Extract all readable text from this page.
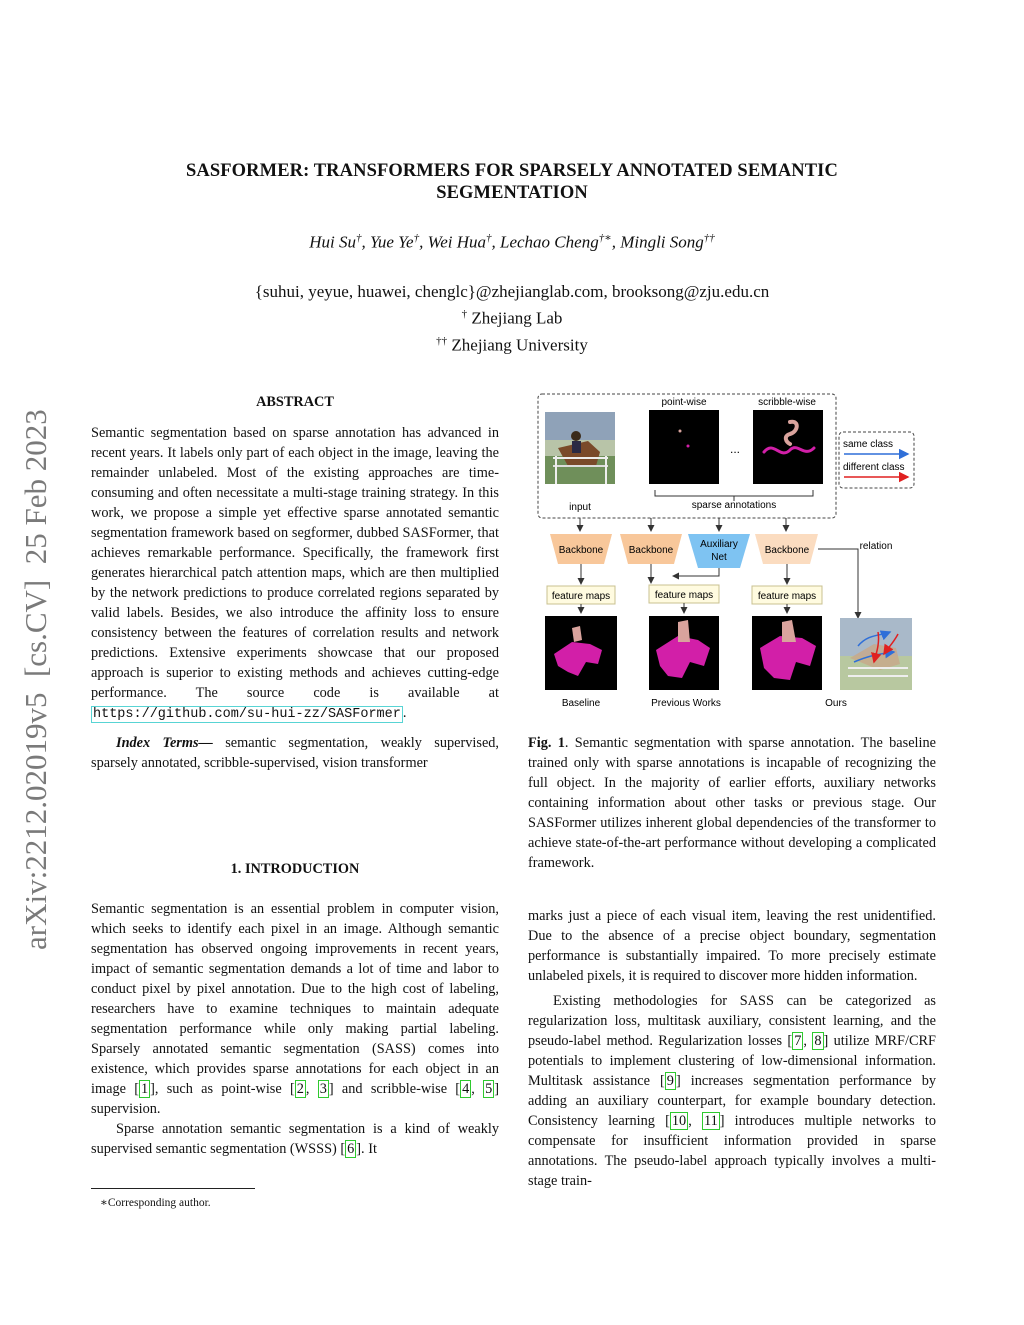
arXiv:2212.02019v5  [cs.CV]  25 Feb 2023
SASFORMER: TRANSFORMERS FOR SPARSELY ANNOTATED SEMANTIC
SEGMENTATION
Hui Su†, Yue Ye†, Wei Hua†, Lechao Cheng†∗, Mingli Song††
{suhui, yeyue, huawei, chenglc}@zhejianglab.com, brooksong@zju.edu.cn
† Zhejiang Lab
†† Zhejiang University
ABSTRACT

Semantic segmentation based on sparse annotation has advanced in recent years. It labels only part of each object in the image, leaving the remainder unlabeled. Most of the existing approaches are time-consuming and often necessitate a multi-stage training strategy. In this work, we propose a simple yet effective sparse annotated semantic segmentation framework based on segformer, dubbed SASFormer, that achieves remarkable performance. Specifically, the framework first generates hierarchical patch attention maps, which are then multiplied by the network predictions to produce correlated regions separated by valid labels. Besides, we also introduce the affinity loss to ensure consistency between the features of correlation results and network predictions. Extensive experiments showcase that our proposed approach is superior to existing methods and achieves cutting-edge performance. The source code is available at https://github.com/su-hui-zz/SASFormer .

Index Terms— semantic segmentation, weakly supervised, sparsely annotated, scribble-supervised, vision transformer

1. INTRODUCTION

Semantic segmentation is an essential problem in computer vision, which seeks to identify each pixel in an image. Although semantic segmentation has observed ongoing improvements in recent years, impact of semantic segmentation demands a lot of time and labor to conduct pixel by pixel annotation. Due to the high cost of labeling, researchers have to examine techniques to maintain adequate segmentation performance while only making partial labeling. Sparsely annotated semantic segmentation (SASS) comes into existence, which provides sparse annotations for each object in an image [ 1 ], such as point-wise [ 2 , 3 ] and scribble-wise [ 4 , 5 ] supervision.

Sparse annotation semantic segmentation is a kind of weakly supervised semantic segmentation (WSSS) [ 6 ]. It

∗Corresponding author.
point-wise
...
scribble-wise
input	sparse annotations
same class
different class
Backbone	Backbone
Auxiliary
Net
Backbone	relation
feature maps	feature maps	feature maps
Baseline	Previous Works	Ours

Fig. 1. Semantic segmentation with sparse annotation. The baseline trained only with sparse annotations is incapable of recognizing the full object. In the majority of earlier efforts, auxiliary networks containing information about other tasks or previous stage. Our SASFormer utilizes inherent global dependencies of the transformer to achieve state-of-the-art performance without developing a complicated framework.

marks just a piece of each visual item, leaving the rest unidentified. Due to the absence of a precise object boundary, segmentation performance is substantially impaired. To more precisely estimate unlabeled pixels, it is required to discover more hidden information.

Existing methodologies for SASS can be categorized as regularization loss, multitask auxiliary, consistent learning, and the pseudo-label method. Regularization losses [ 7 , 8 ] utilize MRF/CRF potentials to implement clustering of low-dimensional information. Multitask assistance [ 9 ] increases segmentation performance by adding an auxiliary counterpart, for example boundary detection. Consistency learning [ 10 , 11 ] introduces multiple networks to compensate for insufficient information provided in sparse annotations. The pseudo-label approach typically involves a multi-stage train-
